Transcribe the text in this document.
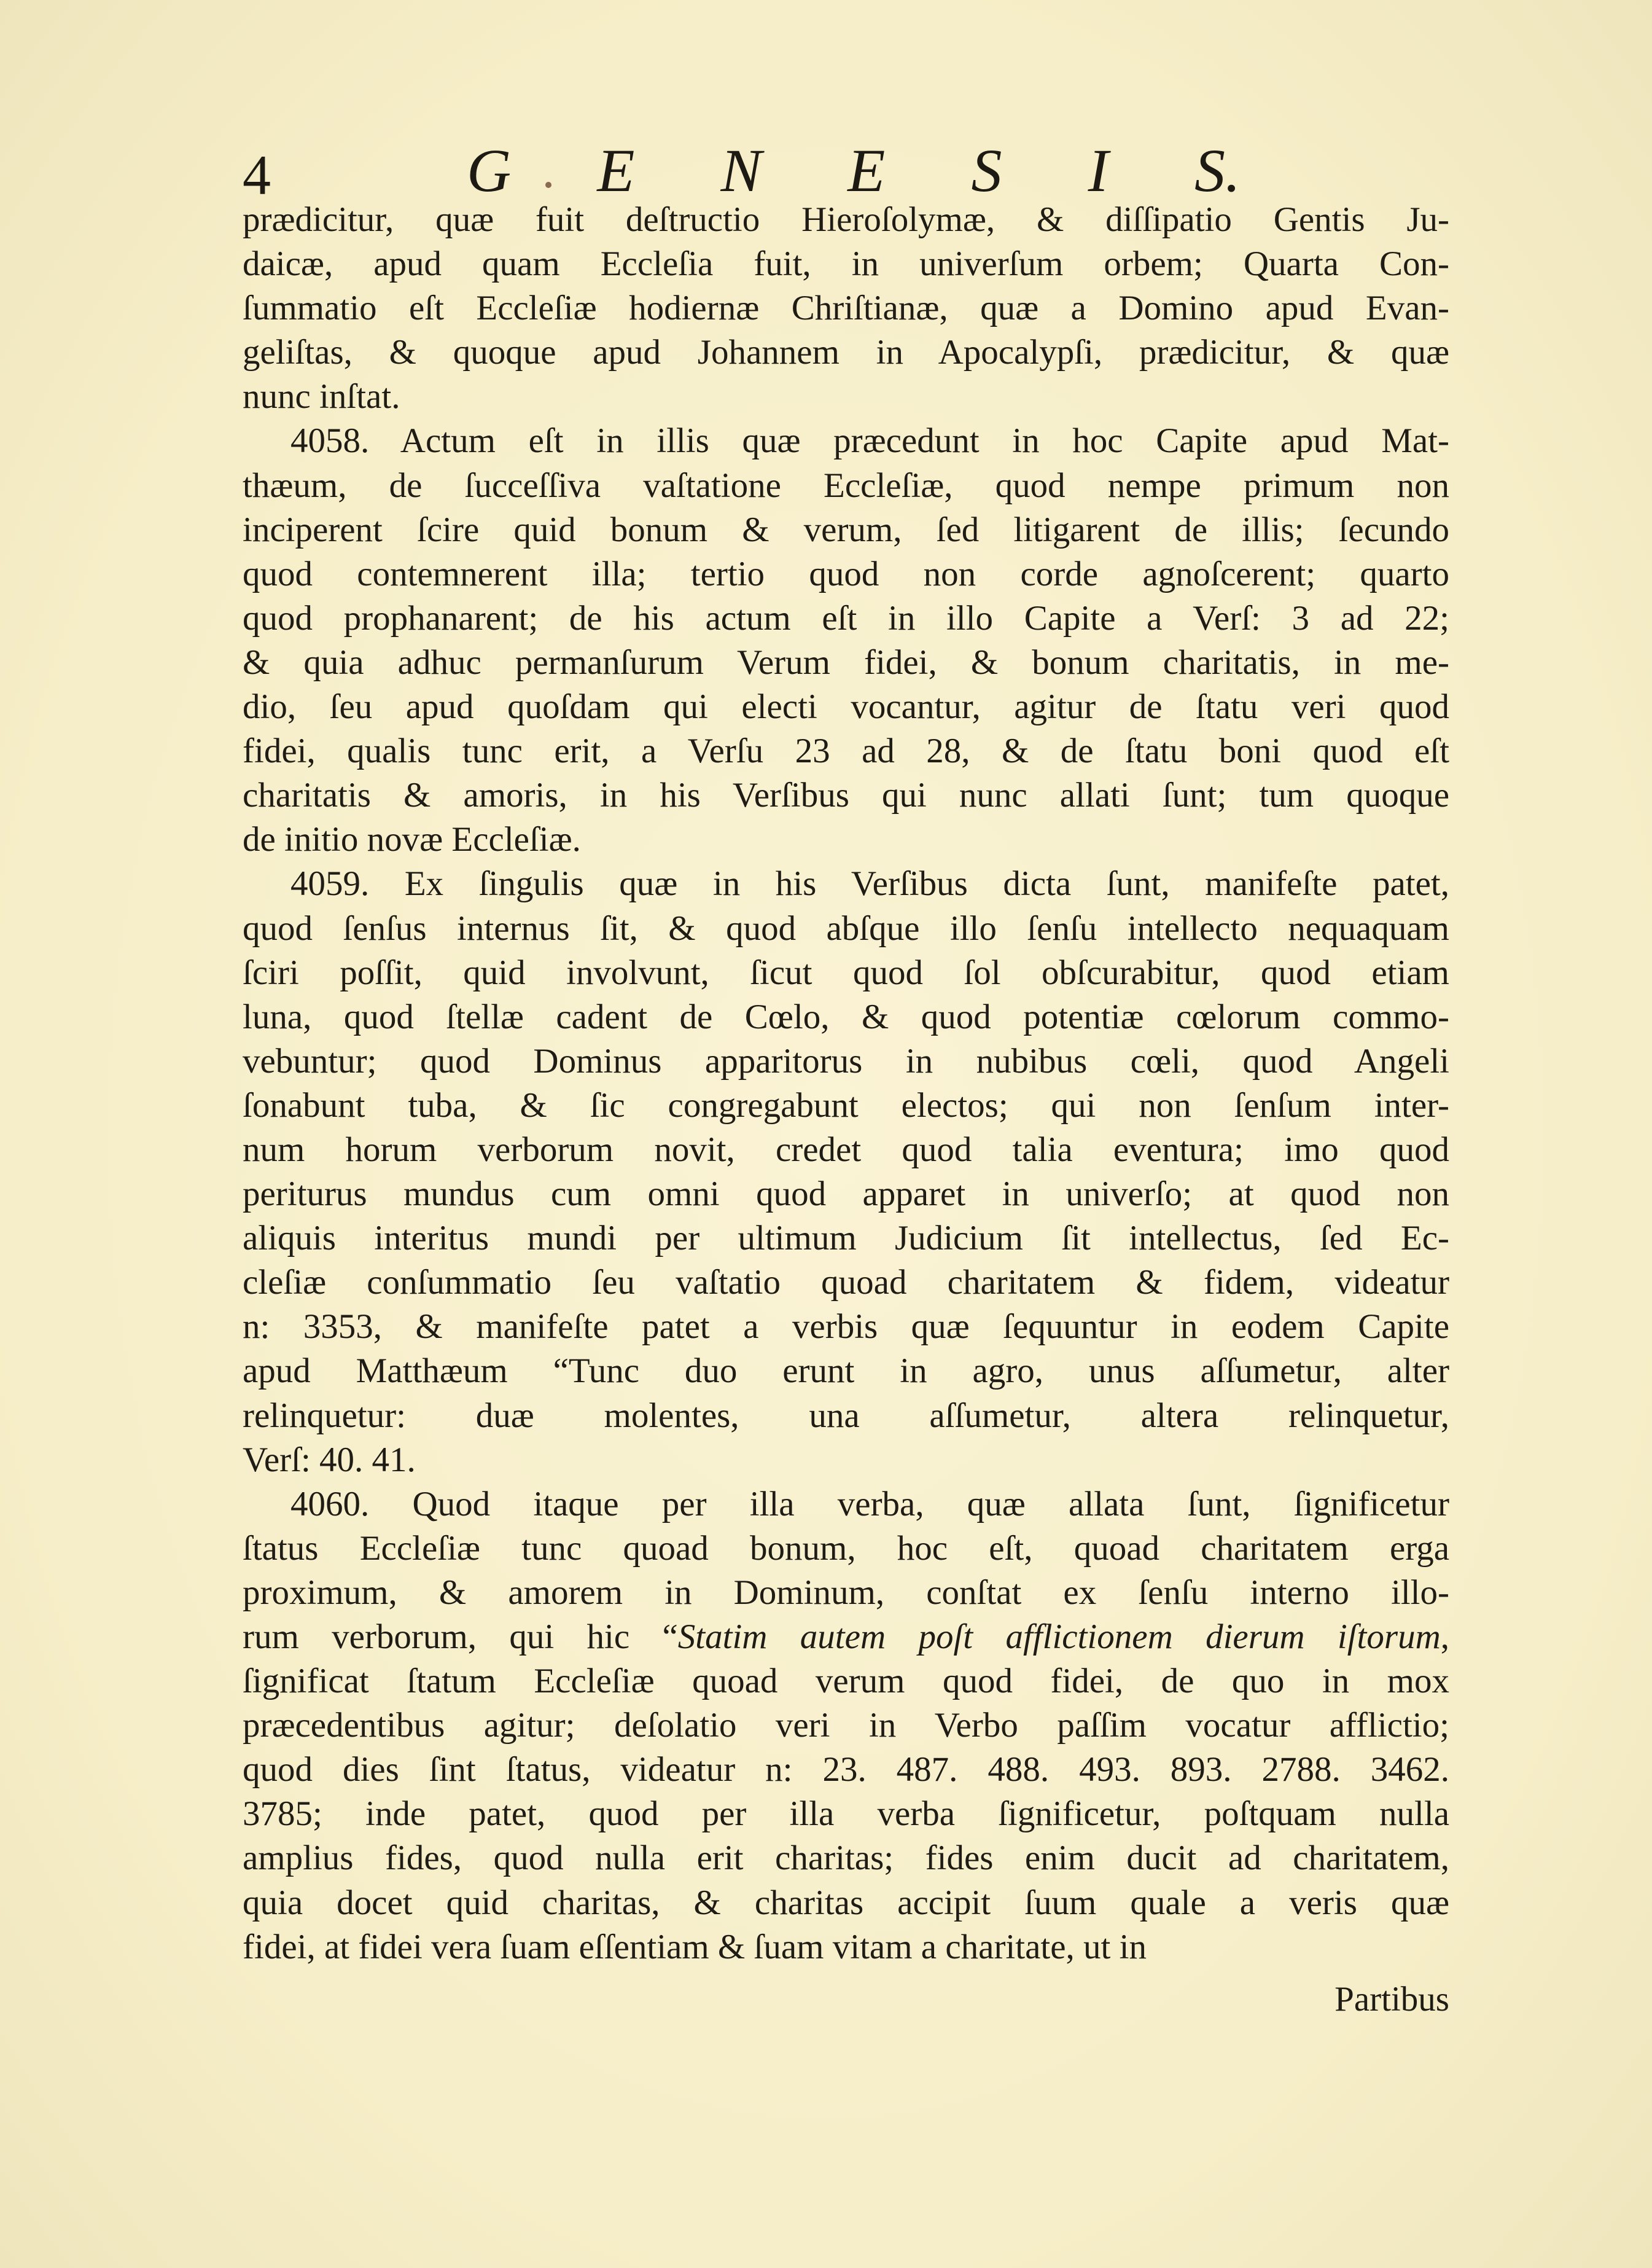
4	G E N E S I S.
prædicitur, quæ fuit deſtructio Hieroſolymæ, & diſſipatio Gentis Ju-
daicæ, apud quam Eccleſia fuit, in univerſum orbem; Quarta Con-
ſummatio eſt Eccleſiæ hodiernæ Chriſtianæ, quæ a Domino apud Evan-
geliſtas, & quoque apud Johannem in Apocalypſi, prædicitur, & quæ
nunc inſtat.
4058. Actum eſt in illis quæ præcedunt in hoc Capite apud Mat-
thæum, de ſucceſſiva vaſtatione Eccleſiæ, quod nempe primum non
inciperent ſcire quid bonum & verum, ſed litigarent de illis; ſecundo
quod contemnerent illa; tertio quod non corde agnoſcerent; quarto
quod prophanarent; de his actum eſt in illo Capite a Verſ: 3 ad 22;
& quia adhuc permanſurum Verum fidei, & bonum charitatis, in me-
dio, ſeu apud quoſdam qui electi vocantur, agitur de ſtatu veri quod
fidei, qualis tunc erit, a Verſu 23 ad 28, & de ſtatu boni quod eſt
charitatis & amoris, in his Verſibus qui nunc allati ſunt; tum quoque
de initio novæ Eccleſiæ.
4059. Ex ſingulis quæ in his Verſibus dicta ſunt, manifeſte patet,
quod ſenſus internus ſit, & quod abſque illo ſenſu intellecto nequaquam
ſciri poſſit, quid involvunt, ſicut quod ſol obſcurabitur, quod etiam
luna, quod ſtellæ cadent de Cœlo, & quod potentiæ cœlorum commo-
vebuntur; quod Dominus apparitorus in nubibus cœli, quod Angeli
ſonabunt tuba, & ſic congregabunt electos; qui non ſenſum inter-
num horum verborum novit, credet quod talia eventura; imo quod
periturus mundus cum omni quod apparet in univerſo; at quod non
aliquis interitus mundi per ultimum Judicium ſit intellectus, ſed Ec-
cleſiæ conſummatio ſeu vaſtatio quoad charitatem & fidem, videatur
n: 3353, & manifeſte patet a verbis quæ ſequuntur in eodem Capite
apud Matthæum “Tunc duo erunt in agro, unus aſſumetur, alter
relinquetur: duæ molentes, una aſſumetur, altera relinquetur,
Verſ: 40. 41.
4060. Quod itaque per illa verba, quæ allata ſunt, ſignificetur
ſtatus Eccleſiæ tunc quoad bonum, hoc eſt, quoad charitatem erga
proximum, & amorem in Dominum, conſtat ex ſenſu interno illo-
rum verborum, qui hic “Statim autem poſt afflictionem dierum iſtorum,
ſignificat ſtatum Eccleſiæ quoad verum quod fidei, de quo in mox
præcedentibus agitur; deſolatio veri in Verbo paſſim vocatur afflictio;
quod dies ſint ſtatus, videatur n: 23. 487. 488. 493. 893. 2788. 3462.
3785; inde patet, quod per illa verba ſignificetur, poſtquam nulla
amplius fides, quod nulla erit charitas; fides enim ducit ad charitatem,
quia docet quid charitas, & charitas accipit ſuum quale a veris quæ
fidei, at fidei vera ſuam eſſentiam & ſuam vitam a charitate, ut in
Partibus
